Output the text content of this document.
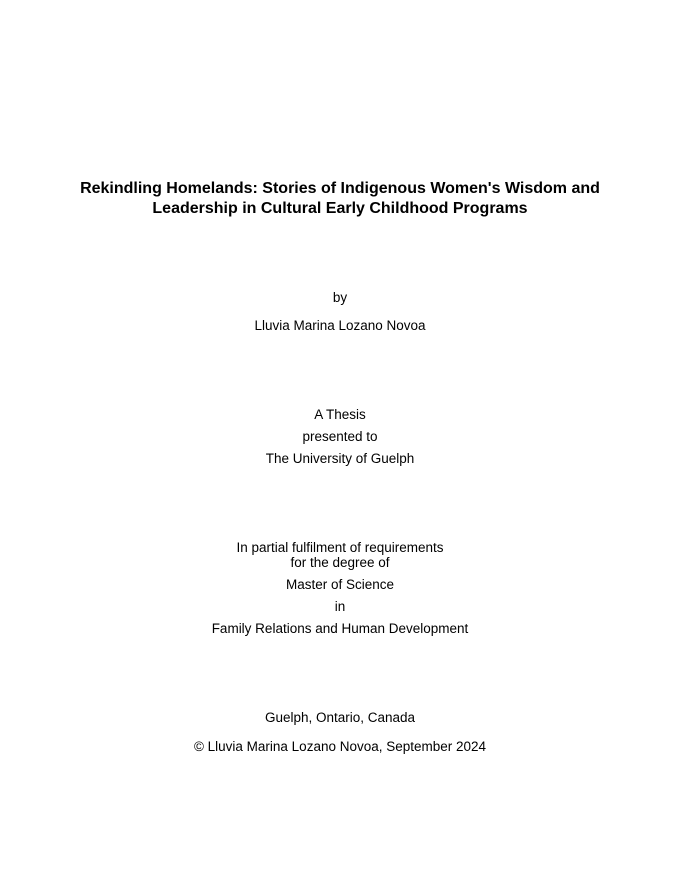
Rekindling Homelands: Stories of Indigenous Women's Wisdom and
Leadership in Cultural Early Childhood Programs
by
Lluvia Marina Lozano Novoa
A Thesis
presented to
The University of Guelph
In partial fulfilment of requirements
for the degree of
Master of Science
in
Family Relations and Human Development
Guelph, Ontario, Canada
© Lluvia Marina Lozano Novoa, September 2024
